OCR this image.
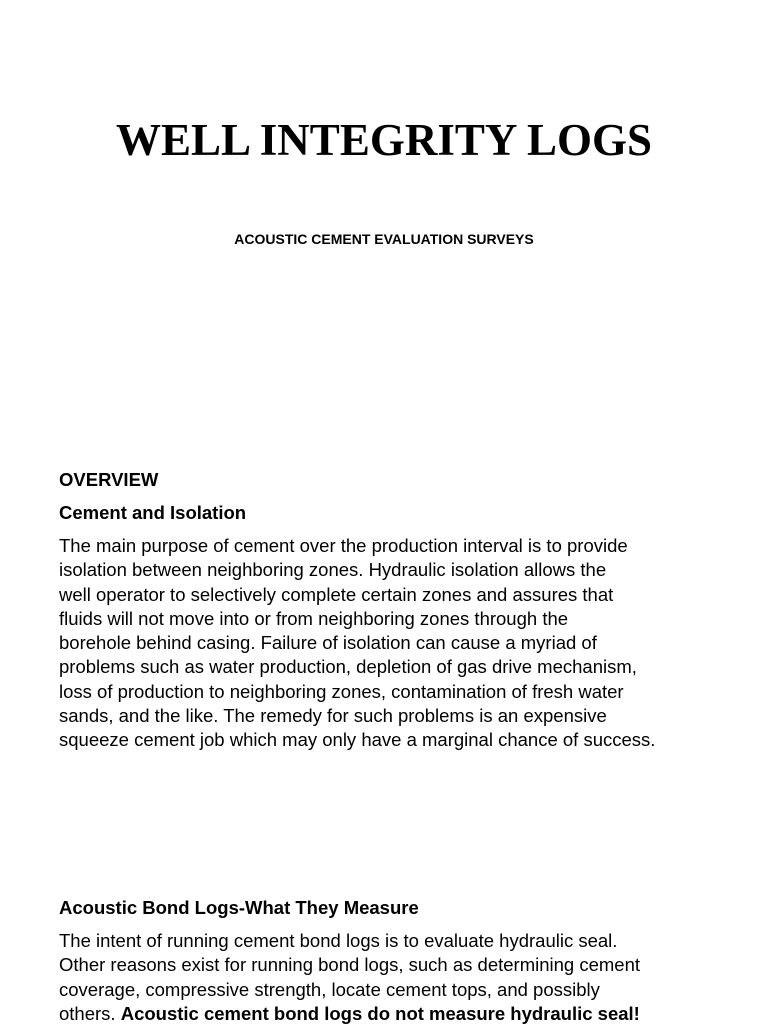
WELL INTEGRITY LOGS
ACOUSTIC CEMENT EVALUATION SURVEYS
OVERVIEW
Cement and Isolation
The main purpose of cement over the production interval is to provide
isolation between neighboring zones. Hydraulic isolation allows the
well operator to selectively complete certain zones and assures that
fluids will not move into or from neighboring zones through the
borehole behind casing. Failure of isolation can cause a myriad of
problems such as water production, depletion of gas drive mechanism,
loss of production to neighboring zones, contamination of fresh water
sands, and the like. The remedy for such problems is an expensive
squeeze cement job which may only have a marginal chance of success.
Acoustic Bond Logs-What They Measure
The intent of running cement bond logs is to evaluate hydraulic seal.
Other reasons exist for running bond logs, such as determining cement
coverage, compressive strength, locate cement tops, and possibly
others. Acoustic cement bond logs do not measure hydraulic seal!
